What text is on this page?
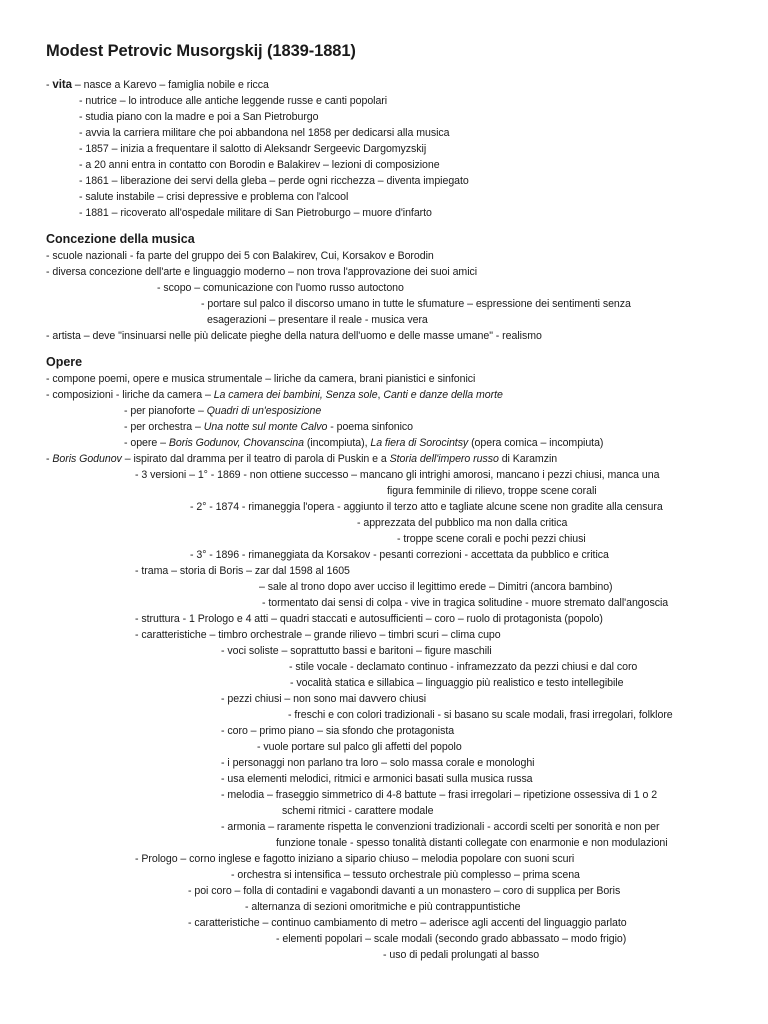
Modest Petrovic Musorgskij (1839-1881)
- vita – nasce a Karevo – famiglia nobile e ricca
- nutrice – lo introduce alle antiche leggende russe e canti popolari
- studia piano con la madre e poi a San Pietroburgo
- avvia la carriera militare che poi abbandona nel 1858 per dedicarsi alla musica
- 1857 – inizia a frequentare il salotto di Aleksandr Sergeevic Dargomyzskij
- a 20 anni entra in contatto con Borodin e Balakirev – lezioni di composizione
- 1861 – liberazione dei servi della gleba – perde ogni ricchezza – diventa impiegato
- salute instabile – crisi depressive e problema con l'alcool
- 1881 – ricoverato all'ospedale militare di San Pietroburgo – muore d'infarto
Concezione della musica
- scuole nazionali - fa parte del gruppo dei 5 con Balakirev, Cui, Korsakov e Borodin
- diversa concezione dell'arte e linguaggio moderno – non trova l'approvazione dei suoi amici
- scopo – comunicazione con l'uomo russo autoctono
- portare sul palco il discorso umano in tutte le sfumature – espressione dei sentimenti senza
esagerazioni – presentare il reale - musica vera
- artista – deve "insinuarsi nelle più delicate pieghe della natura dell'uomo e delle masse umane" - realismo
Opere
- compone poemi, opere e musica strumentale – liriche da camera, brani pianistici e sinfonici
- composizioni - liriche da camera – La camera dei bambini, Senza sole, Canti e danze della morte
- per pianoforte – Quadri di un'esposizione
- per orchestra – Una notte sul monte Calvo - poema sinfonico
- opere – Boris Godunov, Chovanscina (incompiuta), La fiera di Sorocintsy (opera comica – incompiuta)
- Boris Godunov – ispirato dal dramma per il teatro di parola di Puskin e a Storia dell'impero russo di Karamzin
- 3 versioni – 1° - 1869 - non ottiene successo – mancano gli intrighi amorosi, mancano i pezzi chiusi, manca una
figura femminile di rilievo, troppe scene corali
- 2° - 1874 - rimaneggia l'opera - aggiunto il terzo atto e tagliate alcune scene non gradite alla censura
- apprezzata del pubblico ma non dalla critica
- troppe scene corali e pochi pezzi chiusi
- 3° - 1896 - rimaneggiata da Korsakov - pesanti correzioni - accettata da pubblico e critica
- trama – storia di Boris – zar dal 1598 al 1605
– sale al trono dopo aver ucciso il legittimo erede – Dimitri (ancora bambino)
- tormentato dai sensi di colpa - vive in tragica solitudine - muore stremato dall'angoscia
- struttura - 1 Prologo e 4 atti – quadri staccati e autosufficienti – coro – ruolo di protagonista (popolo)
- caratteristiche – timbro orchestrale – grande rilievo – timbri scuri – clima cupo
- voci soliste – soprattutto bassi e baritoni – figure maschili
- stile vocale - declamato continuo - inframezzato da pezzi chiusi e dal coro
- vocalità statica e sillabica – linguaggio più realistico e testo intellegibile
- pezzi chiusi – non sono mai davvero chiusi
- freschi e con colori tradizionali - si basano su scale modali, frasi irregolari, folklore
- coro – primo piano – sia sfondo che protagonista
- vuole portare sul palco gli affetti del popolo
- i personaggi non parlano tra loro – solo massa corale e monologhi
- usa elementi melodici, ritmici e armonici basati sulla musica russa
- melodia – fraseggio simmetrico di 4-8 battute – frasi irregolari – ripetizione ossessiva di 1 o 2
schemi ritmici - carattere modale
- armonia – raramente rispetta le convenzioni tradizionali - accordi scelti per sonorità e non per
funzione tonale - spesso tonalità distanti collegate con enarmonie e non modulazioni
- Prologo – corno inglese e fagotto iniziano a sipario chiuso – melodia popolare con suoni scuri
- orchestra si intensifica – tessuto orchestrale più complesso – prima scena
- poi coro – folla di contadini e vagabondi davanti a un monastero – coro di supplica per Boris
- alternanza di sezioni omoritmiche e più contrappuntistiche
- caratteristiche – continuo cambiamento di metro – aderisce agli accenti del linguaggio parlato
- elementi popolari – scale modali (secondo grado abbassato – modo frigio)
- uso di pedali prolungati al basso
